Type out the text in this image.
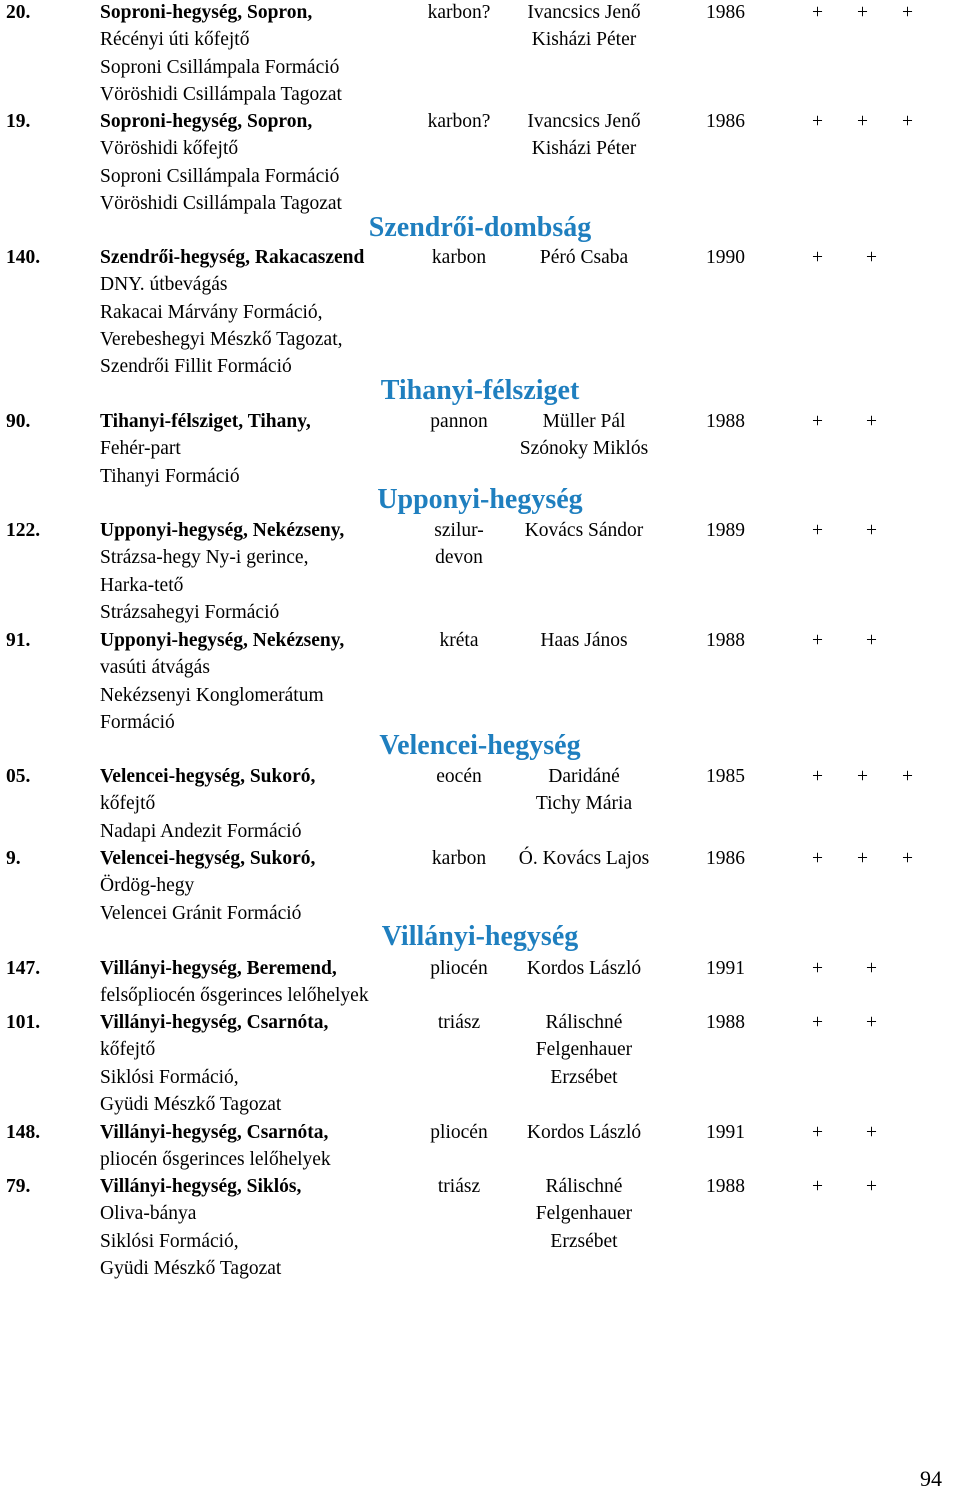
20.	Soproni-hegység, Sopron,
Récényi úti kőfejtő
Soproni Csillámpala Formáció
Vöröshidi Csillámpala Tagozat
karbon?	Ivancsics Jenő
Kisházi Péter
1986	+	+	+
19.	Soproni-hegység, Sopron,
Vöröshidi kőfejtő
Soproni Csillámpala Formáció
Vöröshidi Csillámpala Tagozat
karbon?	Ivancsics Jenő
Kisházi Péter
1986	+	+	+
Szendrői-dombság
140.	Szendrői-hegység, Rakacaszend
DNY. útbevágás
Rakacai Márvány Formáció,
Verebeshegyi Mészkő Tagozat,
Szendrői Fillit Formáció
karbon	Péró Csaba	1990	+	+
Tihanyi-félsziget
90.	Tihanyi-félsziget, Tihany,
Fehér-part
Tihanyi Formáció
pannon	Müller Pál
Szónoky Miklós
1988	+	+
Upponyi-hegység
122.	Upponyi-hegység, Nekézseny,
Strázsa-hegy Ny-i gerince,
Harka-tető
Strázsahegyi Formáció
szilur-
devon
Kovács Sándor	1989	+	+
91.	Upponyi-hegység, Nekézseny,
vasúti átvágás
Nekézsenyi Konglomerátum
Formáció
kréta	Haas János	1988	+	+
Velencei-hegység
05.	Velencei-hegység, Sukoró,
kőfejtő
Nadapi Andezit Formáció
eocén	Daridáné
Tichy Mária
1985	+	+	+
9.	Velencei-hegység, Sukoró,
Ördög-hegy
Velencei Gránit Formáció
karbon	Ó. Kovács Lajos	1986	+	+	+
Villányi-hegység
147.	Villányi-hegység, Beremend,
felsőpliocén ősgerinces lelőhelyek
pliocén	Kordos László	1991	+	+
101.	Villányi-hegység, Csarnóta,
kőfejtő
Siklósi Formáció,
Gyüdi Mészkő Tagozat
triász	Rálischné
Felgenhauer
Erzsébet
1988	+	+
148.	Villányi-hegység, Csarnóta,
pliocén ősgerinces lelőhelyek
pliocén	Kordos László	1991	+	+
79.	Villányi-hegység, Siklós,
Oliva-bánya
Siklósi Formáció,
Gyüdi Mészkő Tagozat
triász	Rálischné
Felgenhauer
Erzsébet
1988	+	+
94
